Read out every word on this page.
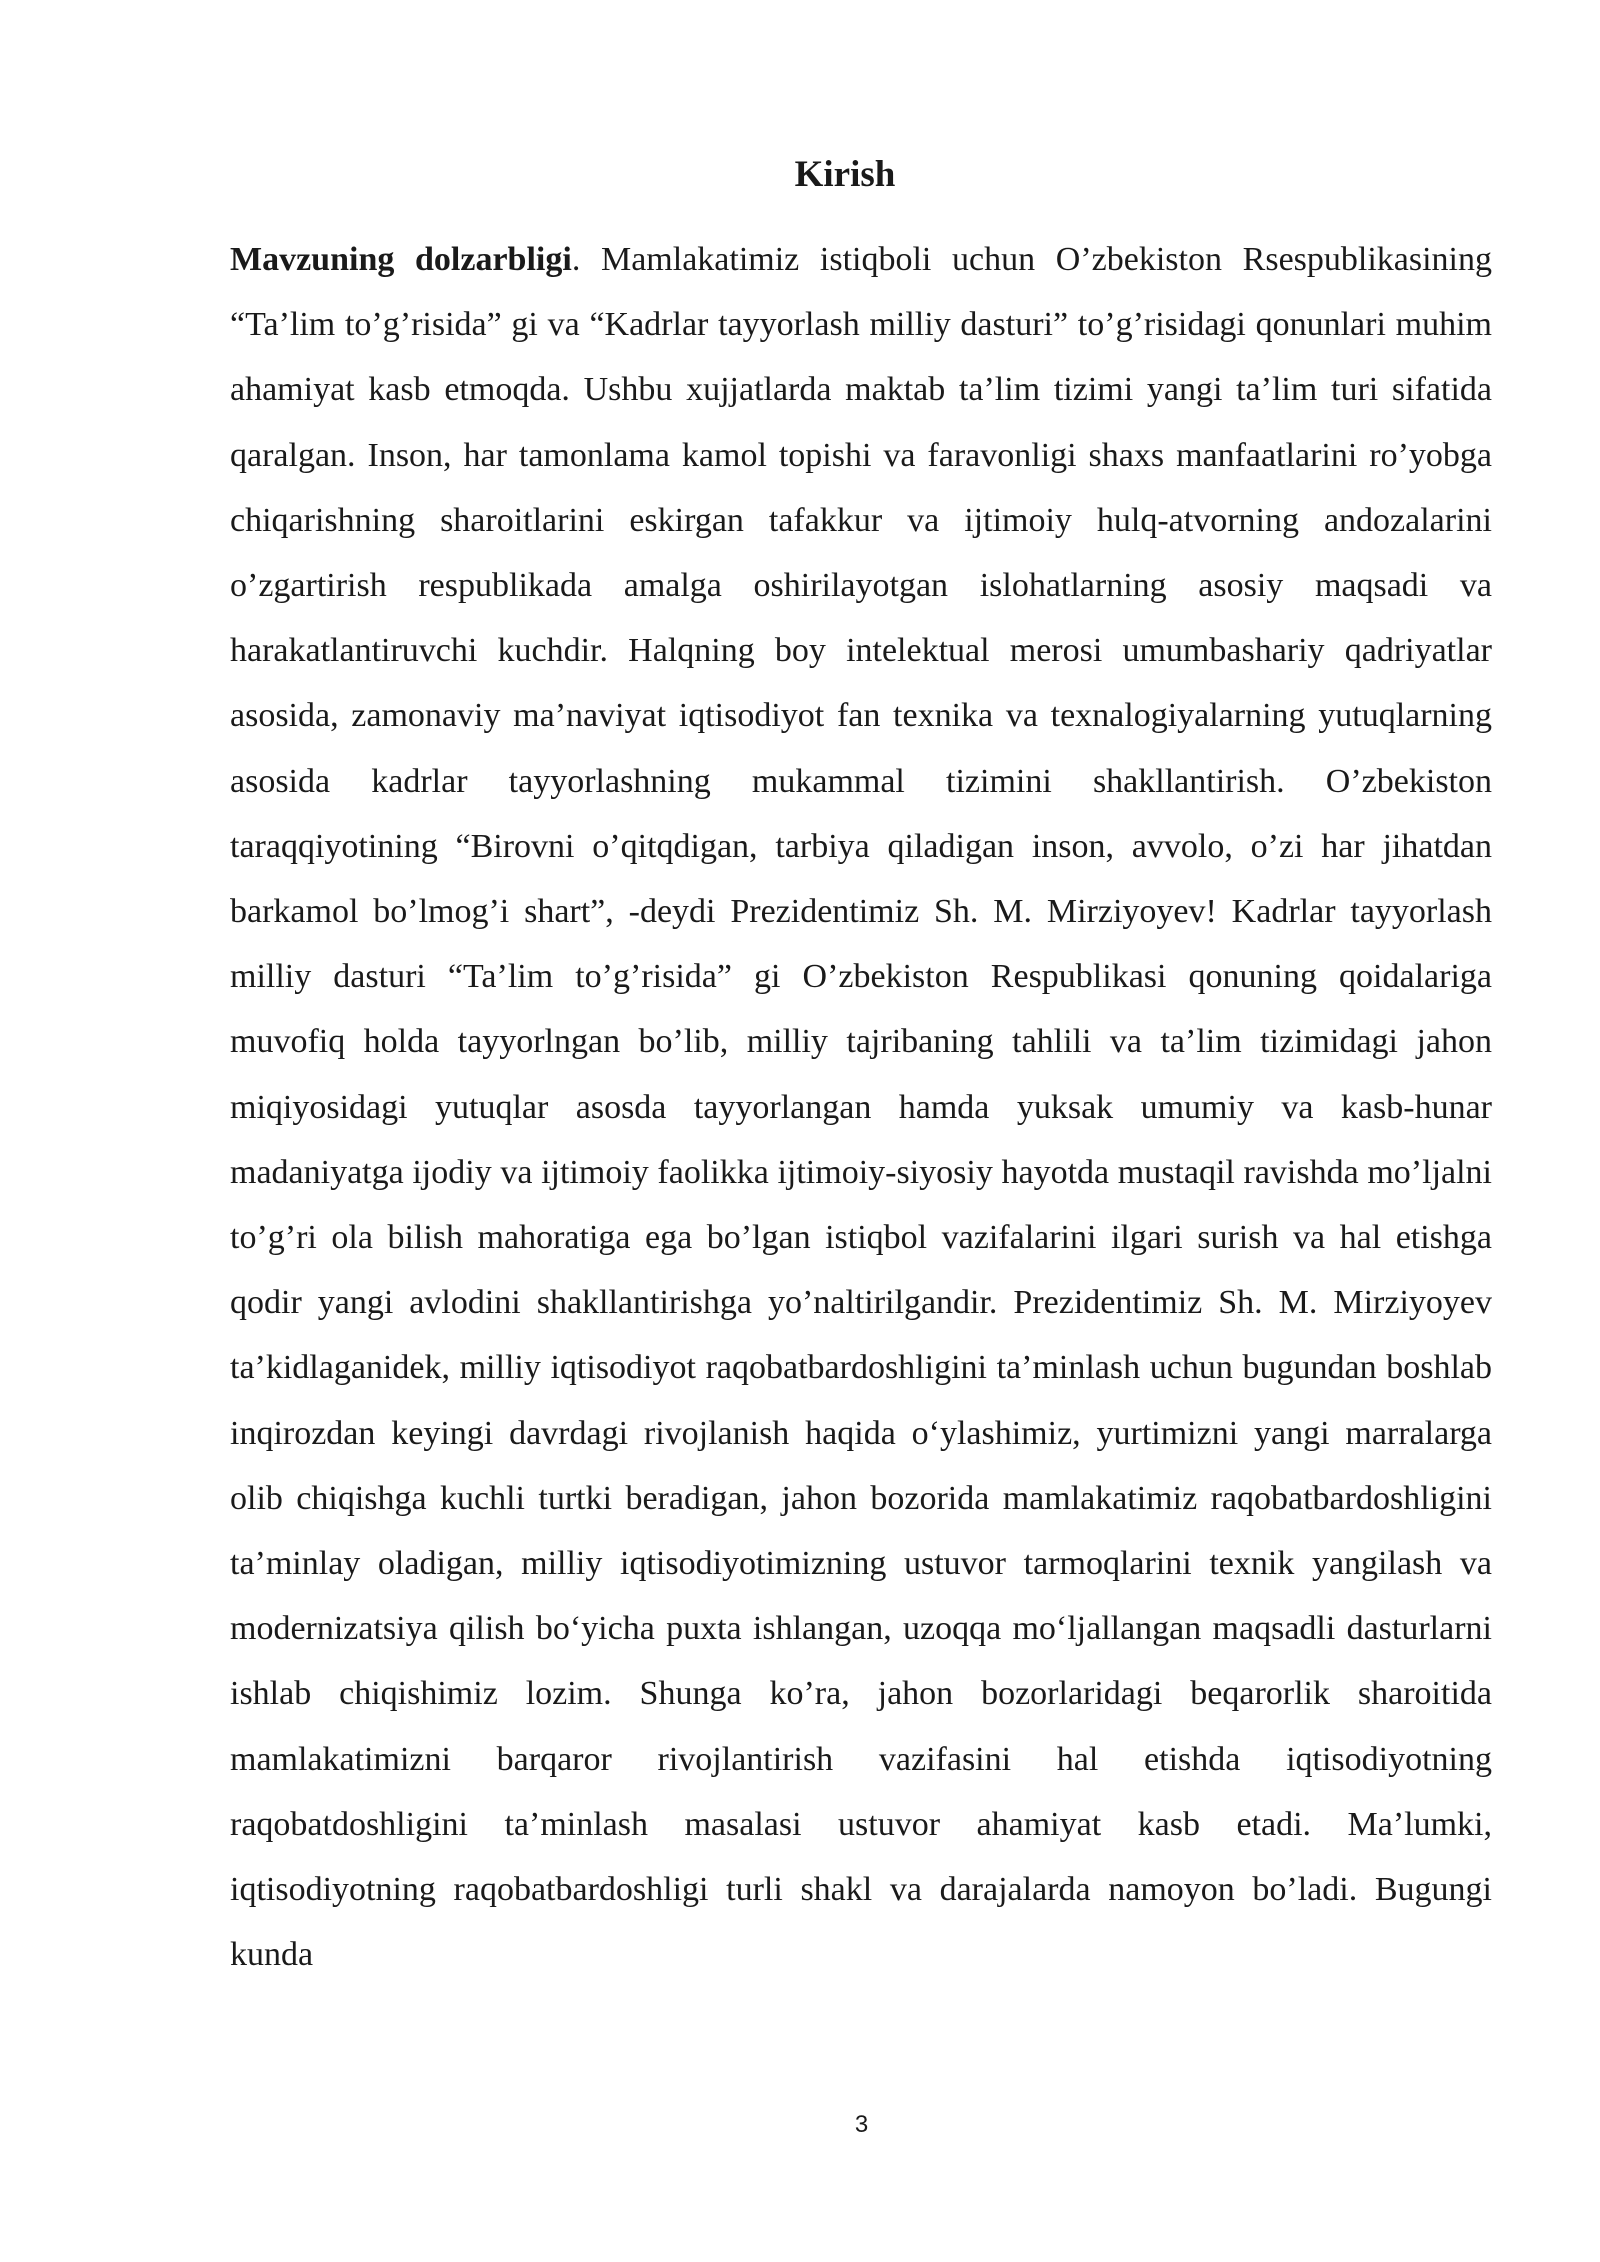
Kirish

Mavzuning dolzarbligi. Mamlakatimiz istiqboli uchun O’zbekiston Rsespublikasining “Ta’lim to’g’risida” gi va “Kadrlar tayyorlash milliy dasturi” to’g’risidagi qonunlari muhim ahamiyat kasb etmoqda. Ushbu xujjatlarda maktab ta’lim tizimi yangi ta’lim turi sifatida qaralgan. Inson, har tamonlama kamol topishi va faravonligi shaxs manfaatlarini ro’yobga chiqarishning sharoitlarini eskirgan tafakkur va ijtimoiy hulq-atvorning andozalarini o’zgartirish respublikada amalga oshirilayotgan islohatlarning asosiy maqsadi va harakatlantiruvchi kuchdir. Halqning boy intelektual merosi umumbashariy qadriyatlar asosida, zamonaviy ma’naviyat iqtisodiyot fan texnika va texnalogiyalarning yutuqlarning asosida kadrlar tayyorlashning mukammal tizimini shakllantirish. O’zbekiston taraqqiyotining “Birovni o’qitqdigan, tarbiya qiladigan inson, avvolo, o’zi har jihatdan barkamol bo’lmog’i shart”, -deydi Prezidentimiz Sh. M. Mirziyoyev! Kadrlar tayyorlash milliy dasturi “Ta’lim to’g’risida” gi O’zbekiston Respublikasi qonuning qoidalariga muvofiq holda tayyorlngan bo’lib, milliy tajribaning tahlili va ta’lim tizimidagi jahon miqiyosidagi yutuqlar asosda tayyorlangan hamda yuksak umumiy va kasb-hunar madaniyatga ijodiy va ijtimoiy faolikka ijtimoiy-siyosiy hayotda mustaqil ravishda mo’ljalni to’g’ri ola bilish mahoratiga ega bo’lgan istiqbol vazifalarini ilgari surish va hal etishga qodir yangi avlodini shakllantirishga yo’naltirilgandir. Prezidentimiz Sh. M. Mirziyoyev ta’kidlaganidek, milliy iqtisodiyot raqobatbardoshligini ta’minlash uchun bugundan boshlab inqirozdan keyingi davrdagi rivojlanish haqida o‘ylashimiz, yurtimizni yangi marralarga olib chiqishga kuchli turtki beradigan, jahon bozorida mamlakatimiz raqobatbardoshligini ta’minlay oladigan, milliy iqtisodiyotimizning ustuvor tarmoqlarini texnik yangilash va modernizatsiya qilish bo‘yicha puxta ishlangan, uzoqqa mo‘ljallangan maqsadli dasturlarni ishlab chiqishimiz lozim. Shunga ko’ra, jahon bozorlaridagi beqarorlik sharoitida mamlakatimizni barqaror rivojlantirish vazifasini hal etishda iqtisodiyotning raqobatdoshligini ta’minlash masalasi ustuvor ahamiyat kasb etadi. Ma’lumki, iqtisodiyotning raqobatbardoshligi turli shakl va darajalarda namoyon bo’ladi. Bugungi kunda

3
